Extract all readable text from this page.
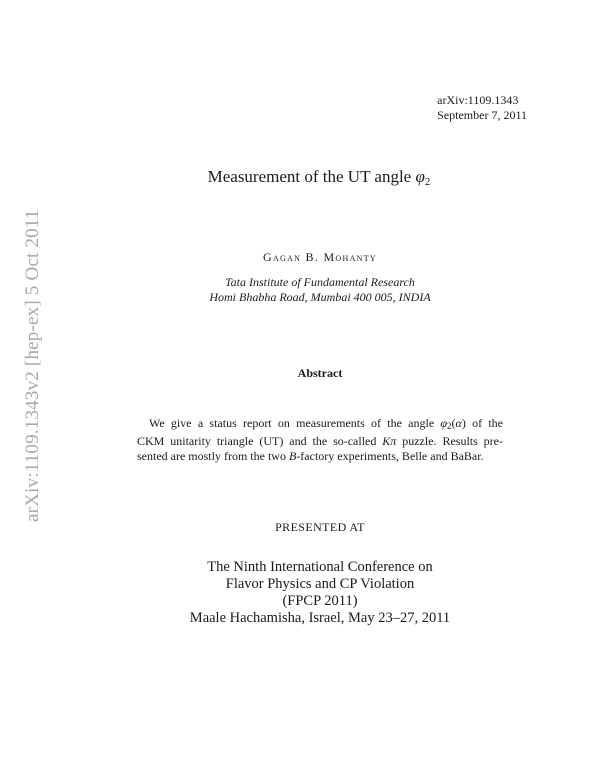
arXiv:1109.1343
September 7, 2011
arXiv:1109.1343v2 [hep-ex] 5 Oct 2011
Measurement of the UT angle $\varphi_2$
Gagan B. Mohanty
Tata Institute of Fundamental Research
Homi Bhabha Road, Mumbai 400 005, INDIA
Abstract
 We give a status report on measurements of the angle φ2(α) of the
CKM unitarity triangle (UT) and the so-called Kπ puzzle. Results pre-
sented are mostly from the two B-factory experiments, Belle and BaBar.
PRESENTED AT
The Ninth International Conference on
Flavor Physics and CP Violation
(FPCP 2011)
Maale Hachamisha, Israel, May 23–27, 2011
